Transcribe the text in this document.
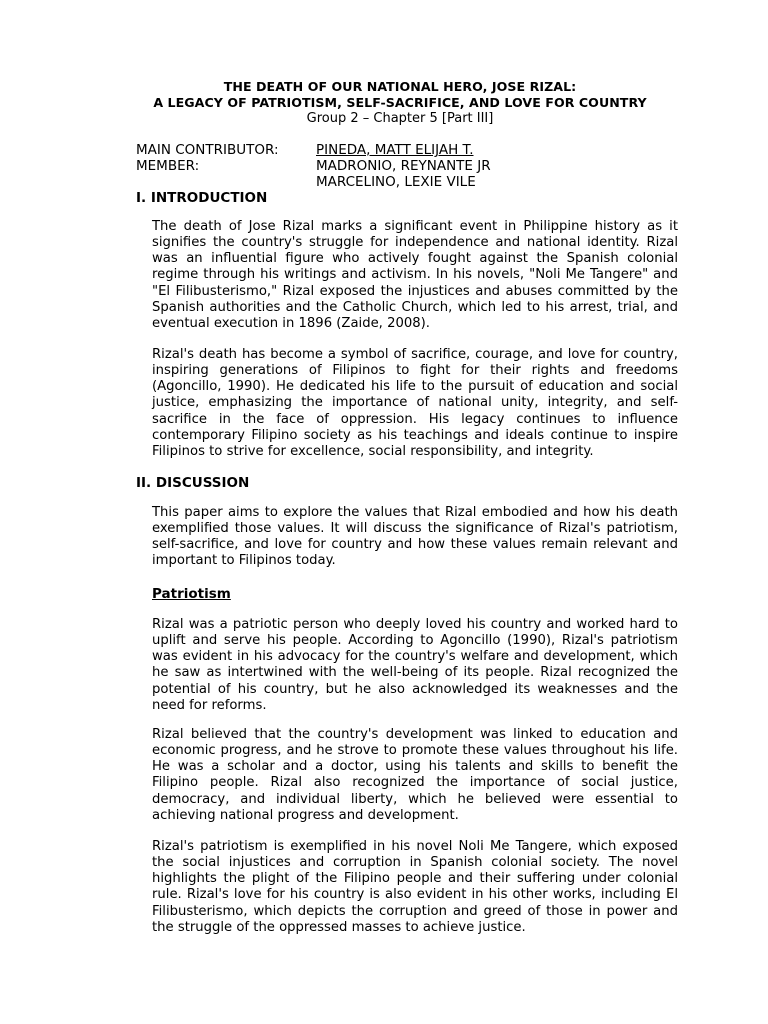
THE DEATH OF OUR NATIONAL HERO, JOSE RIZAL:
A LEGACY OF PATRIOTISM, SELF-SACRIFICE, AND LOVE FOR COUNTRY
Group 2 – Chapter 5 [Part III]
MAIN CONTRIBUTOR:	PINEDA, MATT ELIJAH T.
MEMBER:	MADRONIO, REYNANTE JR
MARCELINO, LEXIE VILE
I. INTRODUCTION

The death of Jose Rizal marks a significant event in Philippine history as it signifies the country's struggle for independence and national identity. Rizal was an influential figure who actively fought against the Spanish colonial regime through his writings and activism. In his novels, "Noli Me Tangere" and "El Filibusterismo," Rizal exposed the injustices and abuses committed by the Spanish authorities and the Catholic Church, which led to his arrest, trial, and eventual execution in 1896 (Zaide, 2008).

Rizal's death has become a symbol of sacrifice, courage, and love for country, inspiring generations of Filipinos to fight for their rights and freedoms (Agoncillo, 1990). He dedicated his life to the pursuit of education and social justice, emphasizing the importance of national unity, integrity, and self-sacrifice in the face of oppression. His legacy continues to influence contemporary Filipino society as his teachings and ideals continue to inspire Filipinos to strive for excellence, social responsibility, and integrity.

II. DISCUSSION

This paper aims to explore the values that Rizal embodied and how his death exemplified those values. It will discuss the significance of Rizal's patriotism, self-sacrifice, and love for country and how these values remain relevant and important to Filipinos today.

Patriotism

Rizal was a patriotic person who deeply loved his country and worked hard to uplift and serve his people. According to Agoncillo (1990), Rizal's patriotism was evident in his advocacy for the country's welfare and development, which he saw as intertwined with the well-being of its people. Rizal recognized the potential of his country, but he also acknowledged its weaknesses and the need for reforms.

Rizal believed that the country's development was linked to education and economic progress, and he strove to promote these values throughout his life. He was a scholar and a doctor, using his talents and skills to benefit the Filipino people. Rizal also recognized the importance of social justice, democracy, and individual liberty, which he believed were essential to achieving national progress and development.

Rizal's patriotism is exemplified in his novel Noli Me Tangere, which exposed the social injustices and corruption in Spanish colonial society. The novel highlights the plight of the Filipino people and their suffering under colonial rule. Rizal's love for his country is also evident in his other works, including El Filibusterismo, which depicts the corruption and greed of those in power and the struggle of the oppressed masses to achieve justice.
